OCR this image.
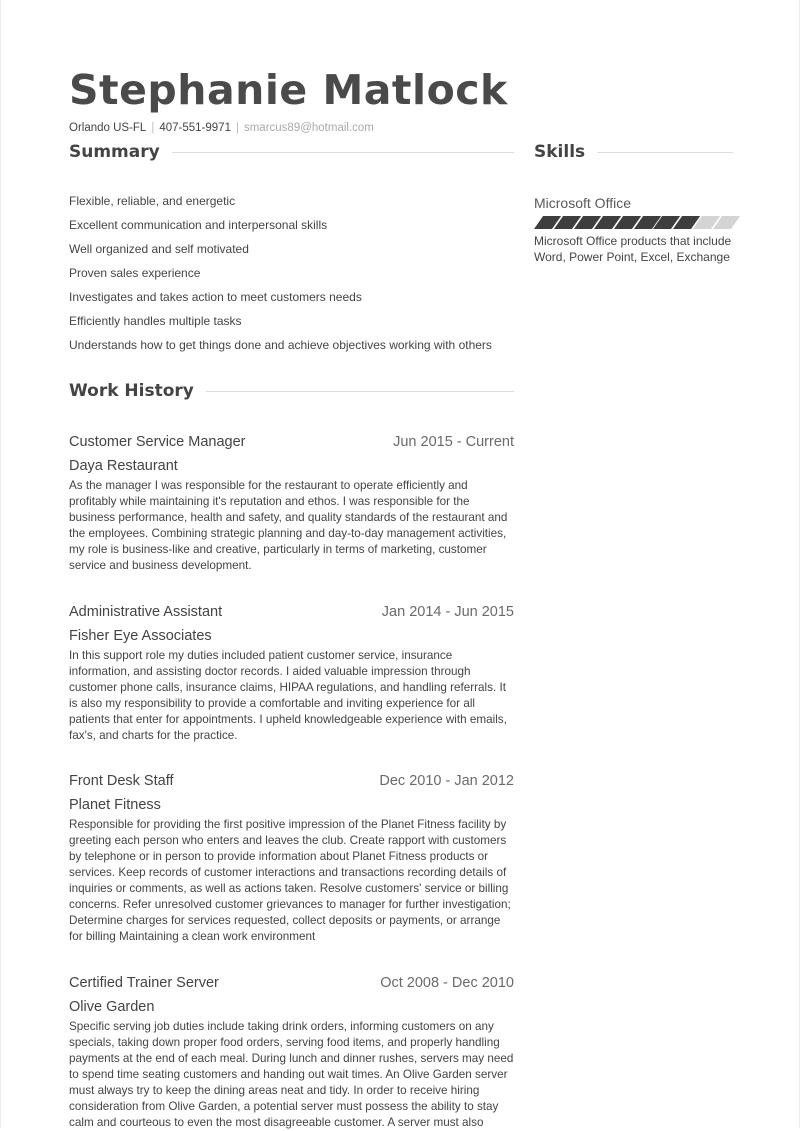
Stephanie Matlock
Orlando US-FL | 407-551-9971 | smarcus89@hotmail.com
Summary
Flexible, reliable, and energetic
Excellent communication and interpersonal skills
Well organized and self motivated
Proven sales experience
Investigates and takes action to meet customers needs
Efficiently handles multiple tasks
Understands how to get things done and achieve objectives working with others
Work History
Customer Service Manager	Jun 2015 - Current
Daya Restaurant

As the manager I was responsible for the restaurant to operate efficiently and profitably while maintaining it's reputation and ethos. I was responsible for the business performance, health and safety, and quality standards of the restaurant and the employees. Combining strategic planning and day-to-day management activities, my role is business-like and creative, particularly in terms of marketing, customer service and business development.

Administrative Assistant	Jan 2014 - Jun 2015
Fisher Eye Associates

In this support role my duties included patient customer service, insurance information, and assisting doctor records. I aided valuable impression through customer phone calls, insurance claims, HIPAA regulations, and handling referrals. It is also my responsibility to provide a comfortable and inviting experience for all patients that enter for appointments. I upheld knowledgeable experience with emails, fax's, and charts for the practice.

Front Desk Staff	Dec 2010 - Jan 2012
Planet Fitness

Responsible for providing the first positive impression of the Planet Fitness facility by greeting each person who enters and leaves the club. Create rapport with customers by telephone or in person to provide information about Planet Fitness products or services. Keep records of customer interactions and transactions recording details of inquiries or comments, as well as actions taken. Resolve customers' service or billing concerns. Refer unresolved customer grievances to manager for further investigation; Determine charges for services requested, collect deposits or payments, or arrange for billing Maintaining a clean work environment

Certified Trainer Server	Oct 2008 - Dec 2010
Olive Garden

Specific serving job duties include taking drink orders, informing customers on any specials, taking down proper food orders, serving food items, and properly handling payments at the end of each meal. During lunch and dinner rushes, servers may need to spend time seating customers and handing out wait times. An Olive Garden server must always try to keep the dining areas neat and tidy. In order to receive hiring consideration from Olive Garden, a potential server must possess the ability to stay calm and courteous to even the most disagreeable customer. A server must also

Skills
Microsoft Office
Microsoft Office products that include Word, Power Point, Excel, Exchange
